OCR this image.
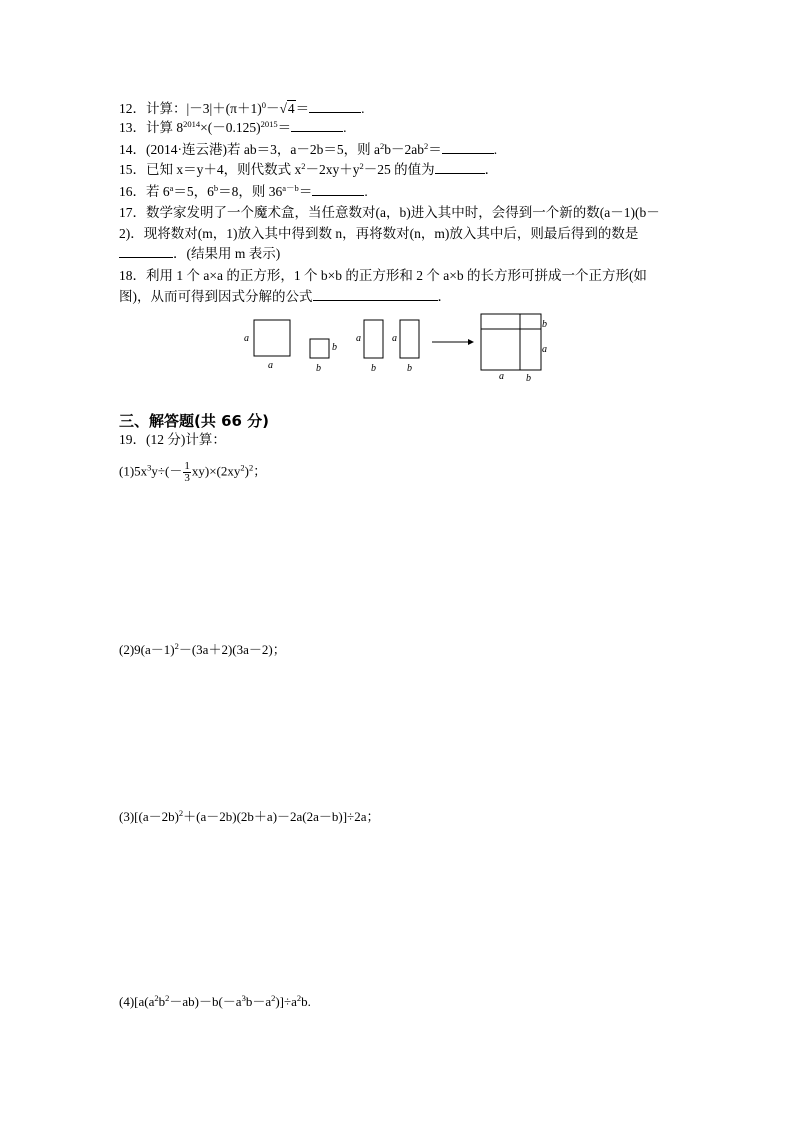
12．计算：$|-3|+(\pi+1)^0-√4=$	.
13．计算 $8^{2014}\times(-0.125)^{2015}=$	.
14．(2014·连云港)若 ab＝3，a－2b＝5，则 $a^2b-2ab^2=$	.
15．已知 x＝y＋4，则代数式 $x^2-2xy+y^2-25$ 的值为	．
16．若 $6^a=5$，$6^b=8$，则 $36^{a-b}=$	.
17．数学家发明了一个魔术盒，当任意数对(a，b)进入其中时，会得到一个新的数(a－1)(b－
2)．现将数对(m，1)放入其中得到数 n，再将数对(n，m)放入其中后，则最后得到的数是
．(结果用 m 表示)
18．利用 1 个 a×a 的正方形，1 个 b×b 的正方形和 2 个 a×b 的长方形可拼成一个正方形(如
图)，从而可得到因式分解的公式	．
a
a
b
b
a
b
a
b
b
a
a b
三、解答题(共 66 分)
19．(12 分)计算：
$(1)5x^3y\div(- \frac{1}{3} xy)\times(2xy^2)^2$；
$(2)9(a-1)^2-(3a+2)(3a-2)$；
$(3)[(a-2b)^2+(a-2b)(2b+a)-2a(2a-b)]\div 2a$；
$(4)[a(a^2b^2-ab)-b(-a^3b-a^2)]\div a^2b$.
